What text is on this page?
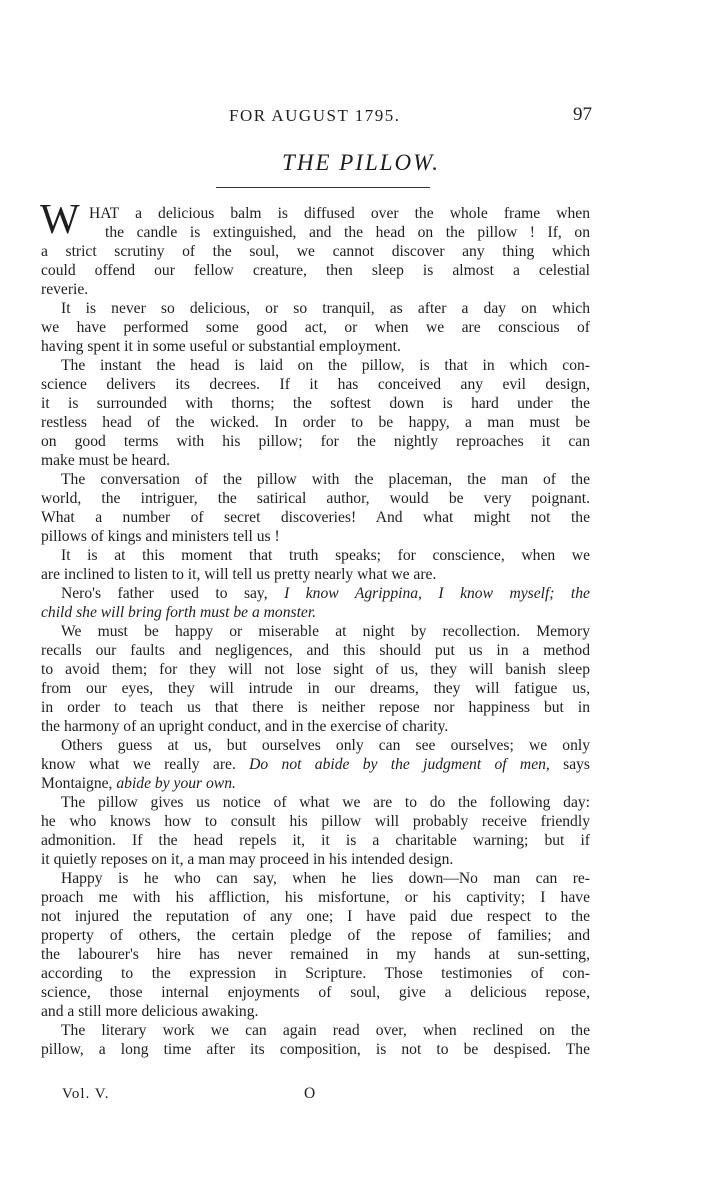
FOR AUGUST 1795.	97
THE PILLOW.
W HAT a delicious balm is diffused over the whole frame when
the candle is extinguished, and the head on the pillow ! If, on
a strict scrutiny of the soul, we cannot discover any thing which
could offend our fellow creature, then sleep is almost a celestial
reverie.
It is never so delicious, or so tranquil, as after a day on which
we have performed some good act, or when we are conscious of
having spent it in some useful or substantial employment.
The instant the head is laid on the pillow, is that in which con-
science delivers its decrees. If it has conceived any evil design,
it is surrounded with thorns; the softest down is hard under the
restless head of the wicked. In order to be happy, a man must be
on good terms with his pillow; for the nightly reproaches it can
make must be heard.
The conversation of the pillow with the placeman, the man of the
world, the intriguer, the satirical author, would be very poignant.
What a number of secret discoveries! And what might not the
pillows of kings and ministers tell us !
It is at this moment that truth speaks; for conscience, when we
are inclined to listen to it, will tell us pretty nearly what we are.
Nero's father used to say, I know Agrippina, I know myself; the
child she will bring forth must be a monster.
We must be happy or miserable at night by recollection. Memory
recalls our faults and negligences, and this should put us in a method
to avoid them; for they will not lose sight of us, they will banish sleep
from our eyes, they will intrude in our dreams, they will fatigue us,
in order to teach us that there is neither repose nor happiness but in
the harmony of an upright conduct, and in the exercise of charity.
Others guess at us, but ourselves only can see ourselves; we only
know what we really are. Do not abide by the judgment of men, says
Montaigne, abide by your own.
The pillow gives us notice of what we are to do the following day:
he who knows how to consult his pillow will probably receive friendly
admonition. If the head repels it, it is a charitable warning; but if
it quietly reposes on it, a man may proceed in his intended design.
Happy is he who can say, when he lies down—No man can re-
proach me with his affliction, his misfortune, or his captivity; I have
not injured the reputation of any one; I have paid due respect to the
property of others, the certain pledge of the repose of families; and
the labourer's hire has never remained in my hands at sun-setting,
according to the expression in Scripture. Those testimonies of con-
science, those internal enjoyments of soul, give a delicious repose,
and a still more delicious awaking.
The literary work we can again read over, when reclined on the
pillow, a long time after its composition, is not to be despised. The
Vol. V.	O
